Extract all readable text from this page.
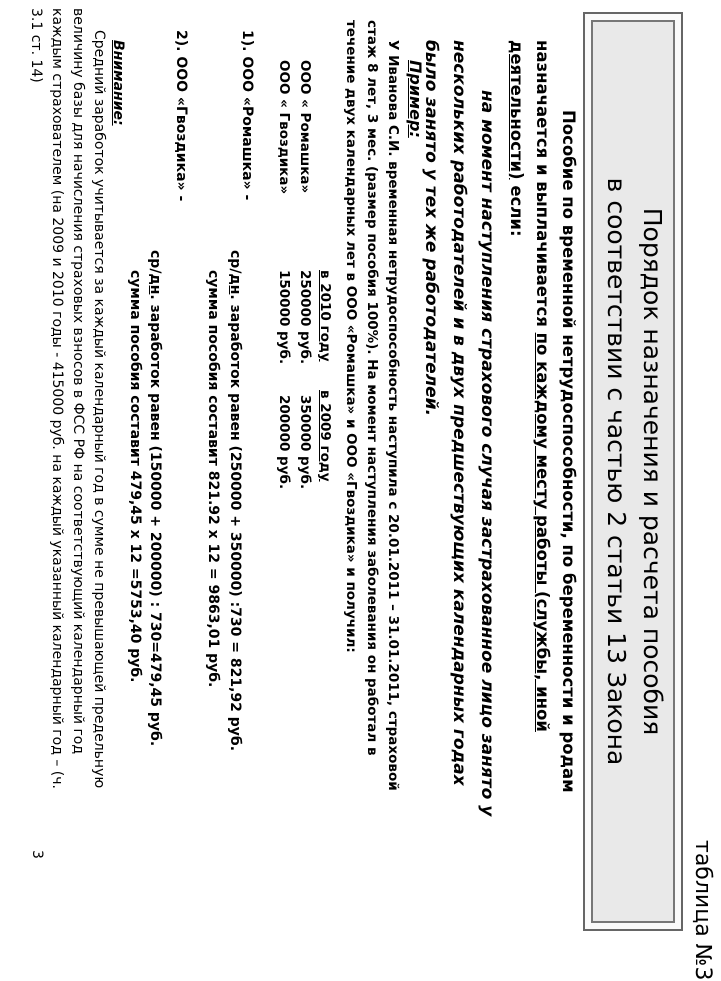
таблица №3
Порядок назначения и расчета пособия
в соответствии с частью 2 статьи 13 Закона
Пособие по временной нетрудоспособности, по беременности и родам
назначается и выплачивается по каждому месту работы (службы, иной
деятельности) если:
на момент наступления страхового случая застрахованное лицо занято у
нескольких работодателей и в двух предшествующих календарных годах
было занято у тех же работодателей.
Пример:
У Иванова С.И. временная нетрудоспособность наступила с 20.01.2011 – 31.01.2011, страховой
стаж 8 лет, 3 мес. (размер пособия 100%). На момент наступления заболевания он работал в
течение двух календарных лет в ООО «Ромашка» и ООО «Гвоздика» и получил:
в 2010 году
в 2009 году
ООО « Ромашка»
250000 руб.
350000 руб.
ООО « Гвоздика»
150000 руб.
200000 руб.
1). ООО «Ромашка» -
ср/дн. заработок равен (250000 + 350000) :730 = 821,92 руб.
сумма пособия составит 821.92 х 12 = 9863,01 руб.
2). ООО «Гвоздика» -
ср/дн. заработок равен (150000 + 200000) : 730=479,45 руб.
сумма пособия составит 479,45 х 12 =5753,40 руб.
Внимание:
Средний заработок учитывается за каждый календарный год в сумме не превышающей предельную
величину базы для начисления страховых взносов в ФСС РФ на соответствующий календарный год
каждым страхователем (на 2009 и 2010 годы - 415000 руб. на каждый указанный календарный год – (ч.
3.1 ст. 14)
3
